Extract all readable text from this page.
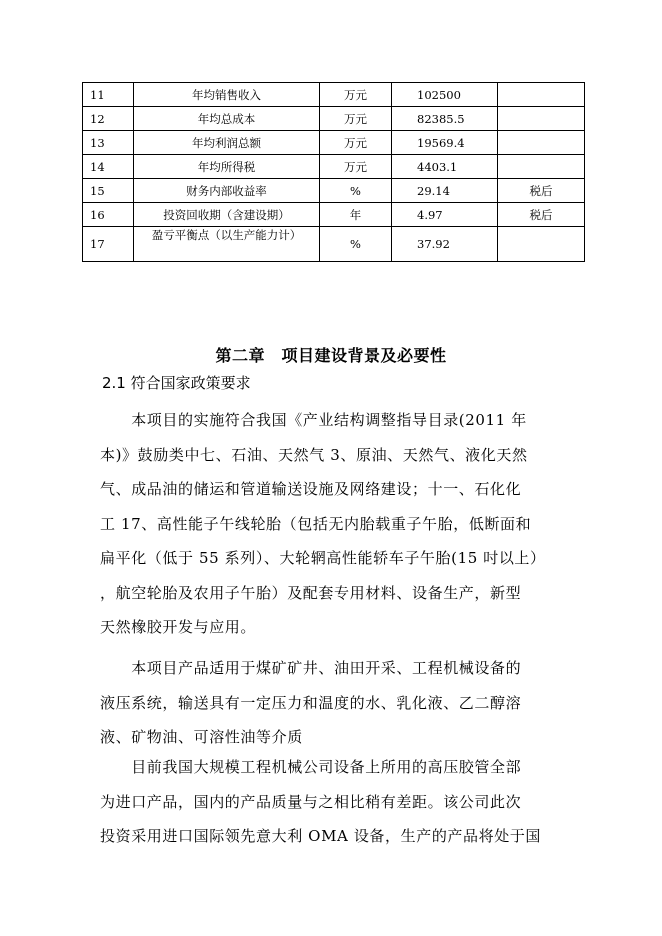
11	年均销售收入	万元	102500	
12	年均总成本	万元	82385.5	
13	年均利润总额	万元	19569.4	
14	年均所得税	万元	4403.1	
15	财务内部收益率	%	29.14	税后
16	投资回收期（含建设期）	年	4.97	税后
17	盈亏平衡点（以生产能力计）	%	37.92	
第二章　项目建设背景及必要性
2.1 符合国家政策要求
　　本项目的实施符合我国《产业结构调整指导目录(2011 年
本)》鼓励类中七、石油、天然气 3、原油、天然气、液化天然
气、成品油的储运和管道输送设施及网络建设；十一、石化化
工 17、高性能子午线轮胎（包括无内胎载重子午胎，低断面和
扁平化（低于 55 系列）、大轮辋高性能轿车子午胎(15 吋以上）
，航空轮胎及农用子午胎）及配套专用材料、设备生产，新型
天然橡胶开发与应用。
　　本项目产品适用于煤矿矿井、油田开采、工程机械设备的
液压系统，输送具有一定压力和温度的水、乳化液、乙二醇溶
液、矿物油、可溶性油等介质
　　目前我国大规模工程机械公司设备上所用的高压胶管全部
为进口产品，国内的产品质量与之相比稍有差距。该公司此次
投资采用进口国际领先意大利 OMA 设备，生产的产品将处于国
